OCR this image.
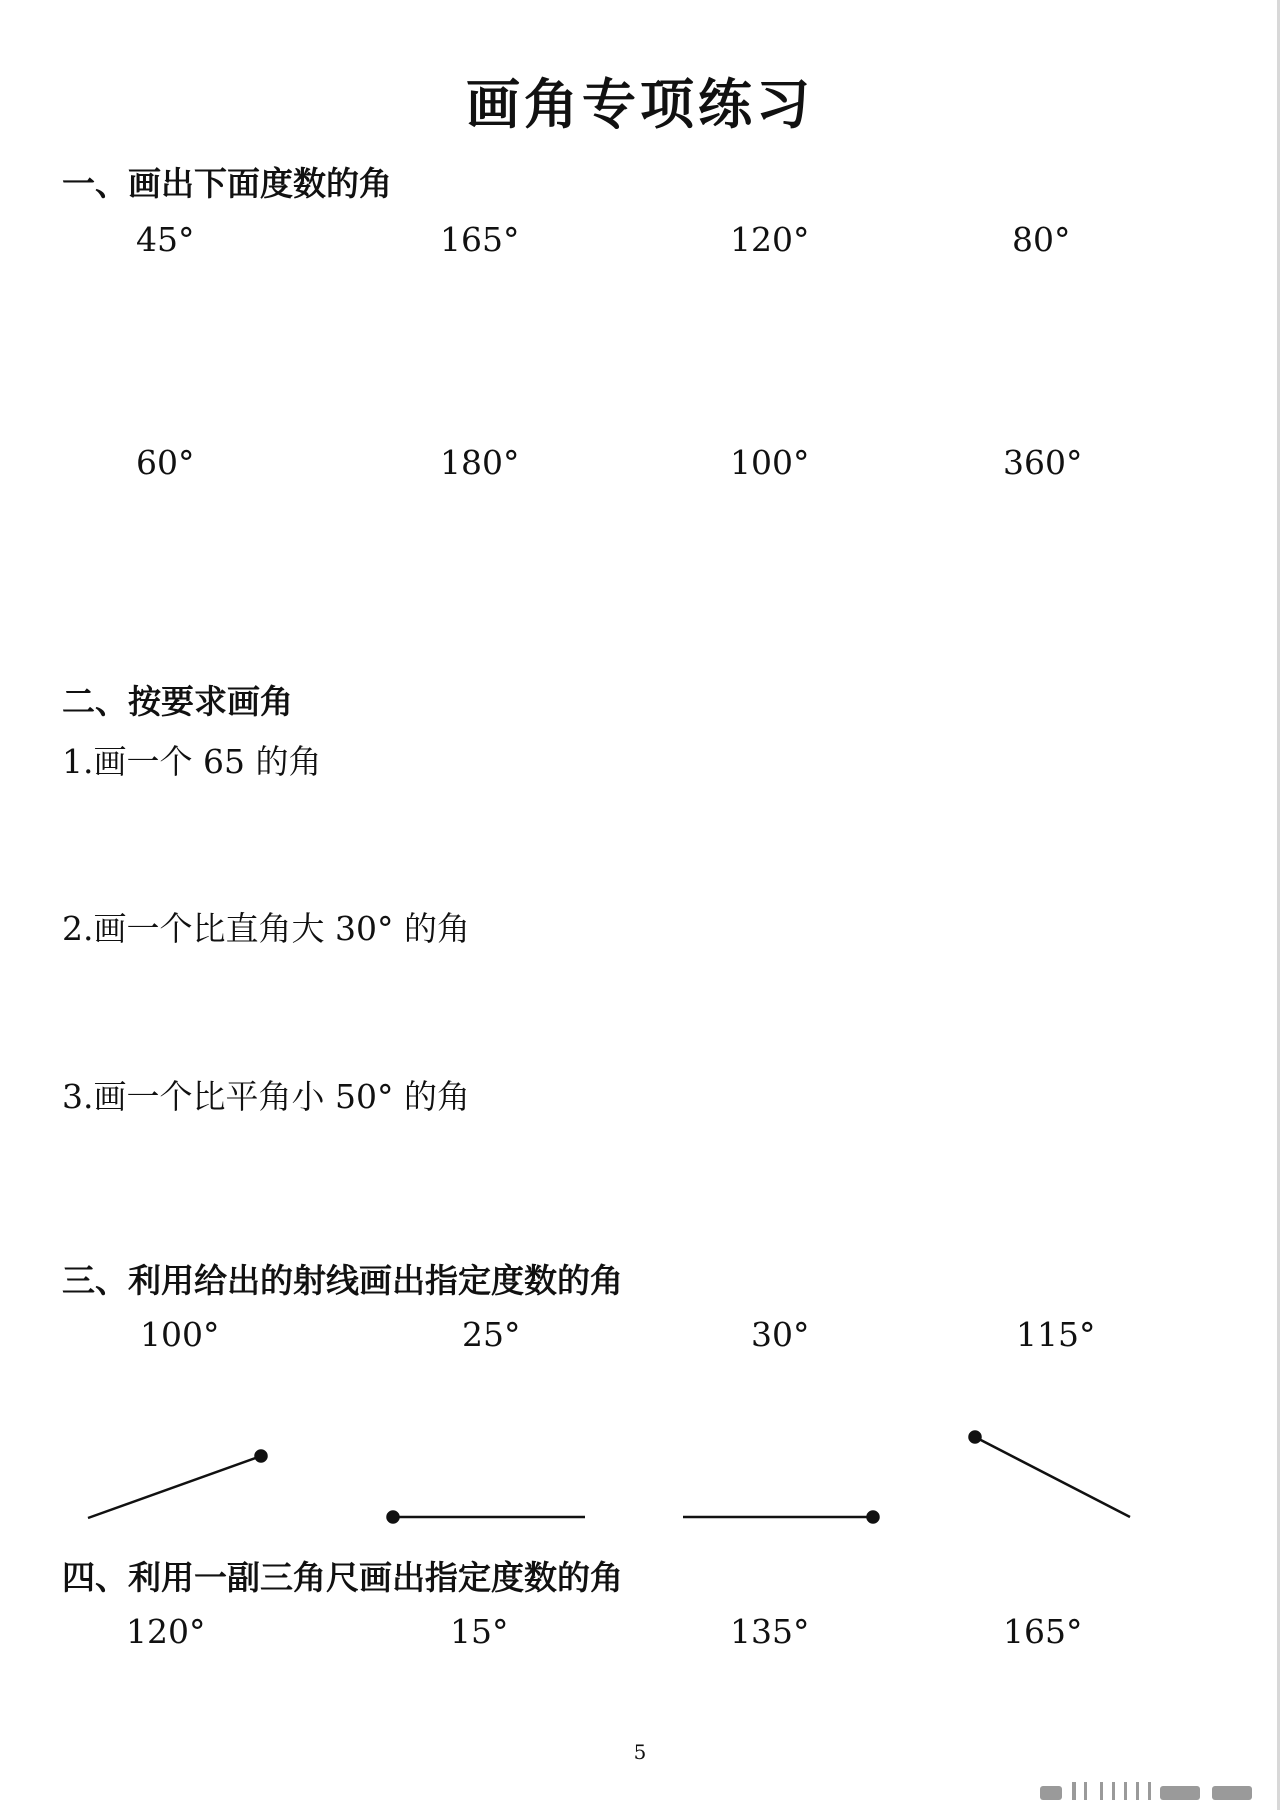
画角专项练习
一、画出下面度数的角
45°	165°	120°	80°
60°	180°	100°	360°
二、按要求画角
1.画一个 65 的角
2.画一个比直角大 30° 的角
3.画一个比平角小 50° 的角
三、利用给出的射线画出指定度数的角
100°	25°	30°	115°
四、利用一副三角尺画出指定度数的角
120°	15°	135°	165°
5
